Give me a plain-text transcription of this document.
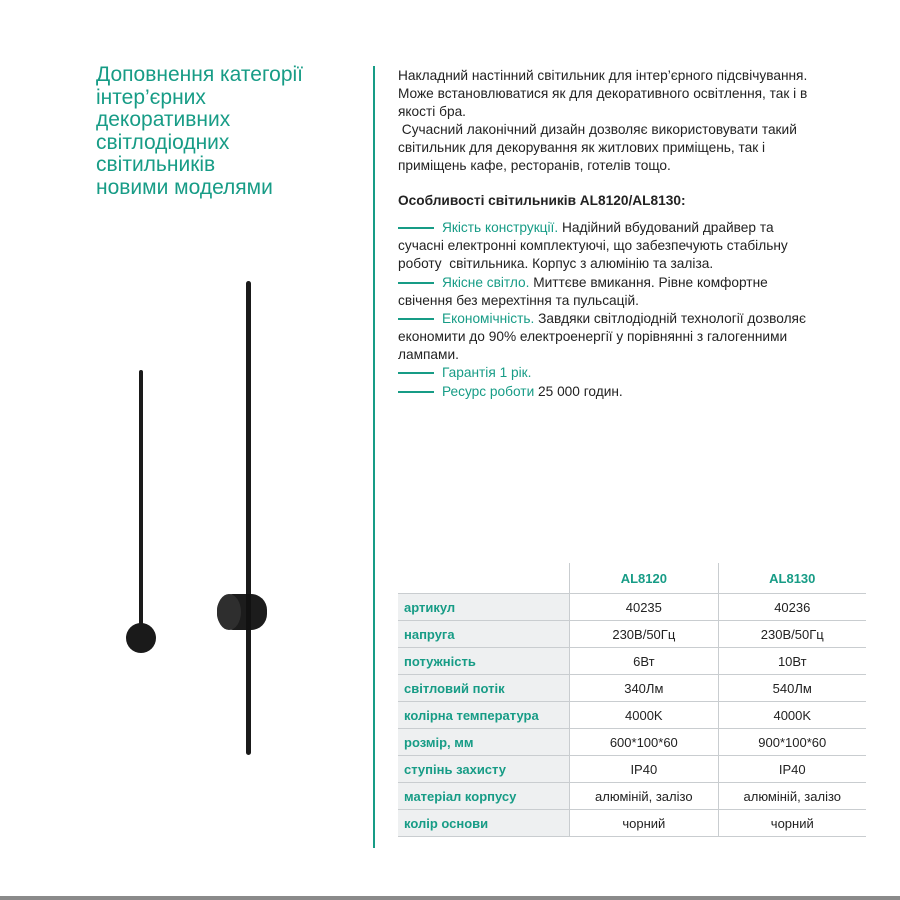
Доповнення категорії
інтер’єрних
декоративних
світлодіодних
світильників
новими моделями

Накладний настінний світильник для інтер’єрного підсвічування.
Може встановлюватися як для декоративного освітлення, так і в
якості бра.
Сучасний лаконічний дизайн дозволяє використовувати такий
світильник для декорування як житлових приміщень, так і
приміщень кафе, ресторанів, готелів тощо.

Особливості світильників AL8120/AL8130:

Якість конструкції. Надійний вбудований драйвер та
сучасні електронні комплектуючі, що забезпечують стабільну
роботу  світильника. Корпус з алюмінію та заліза.
Якісне світло. Миттєве вмикання. Рівне комфортне
свічення без мерехтіння та пульсацій.
Економічність. Завдяки світлодіодній технології дозволяє
економити до 90% електроенергії у порівнянні з галогенними
лампами.
Гарантія 1 рік.
Ресурс роботи 25 000 годин.
	AL8120	AL8130
артикул	40235	40236
напруга	230В/50Гц	230В/50Гц
потужність	6Вт	10Вт
світловий потік	340Лм	540Лм
колірна температура	4000K	4000K
розмір, мм	600*100*60	900*100*60
ступінь захисту	IP40	IP40
матеріал корпусу	алюміній, залізо	алюміній, залізо
колір основи	чорний	чорний
